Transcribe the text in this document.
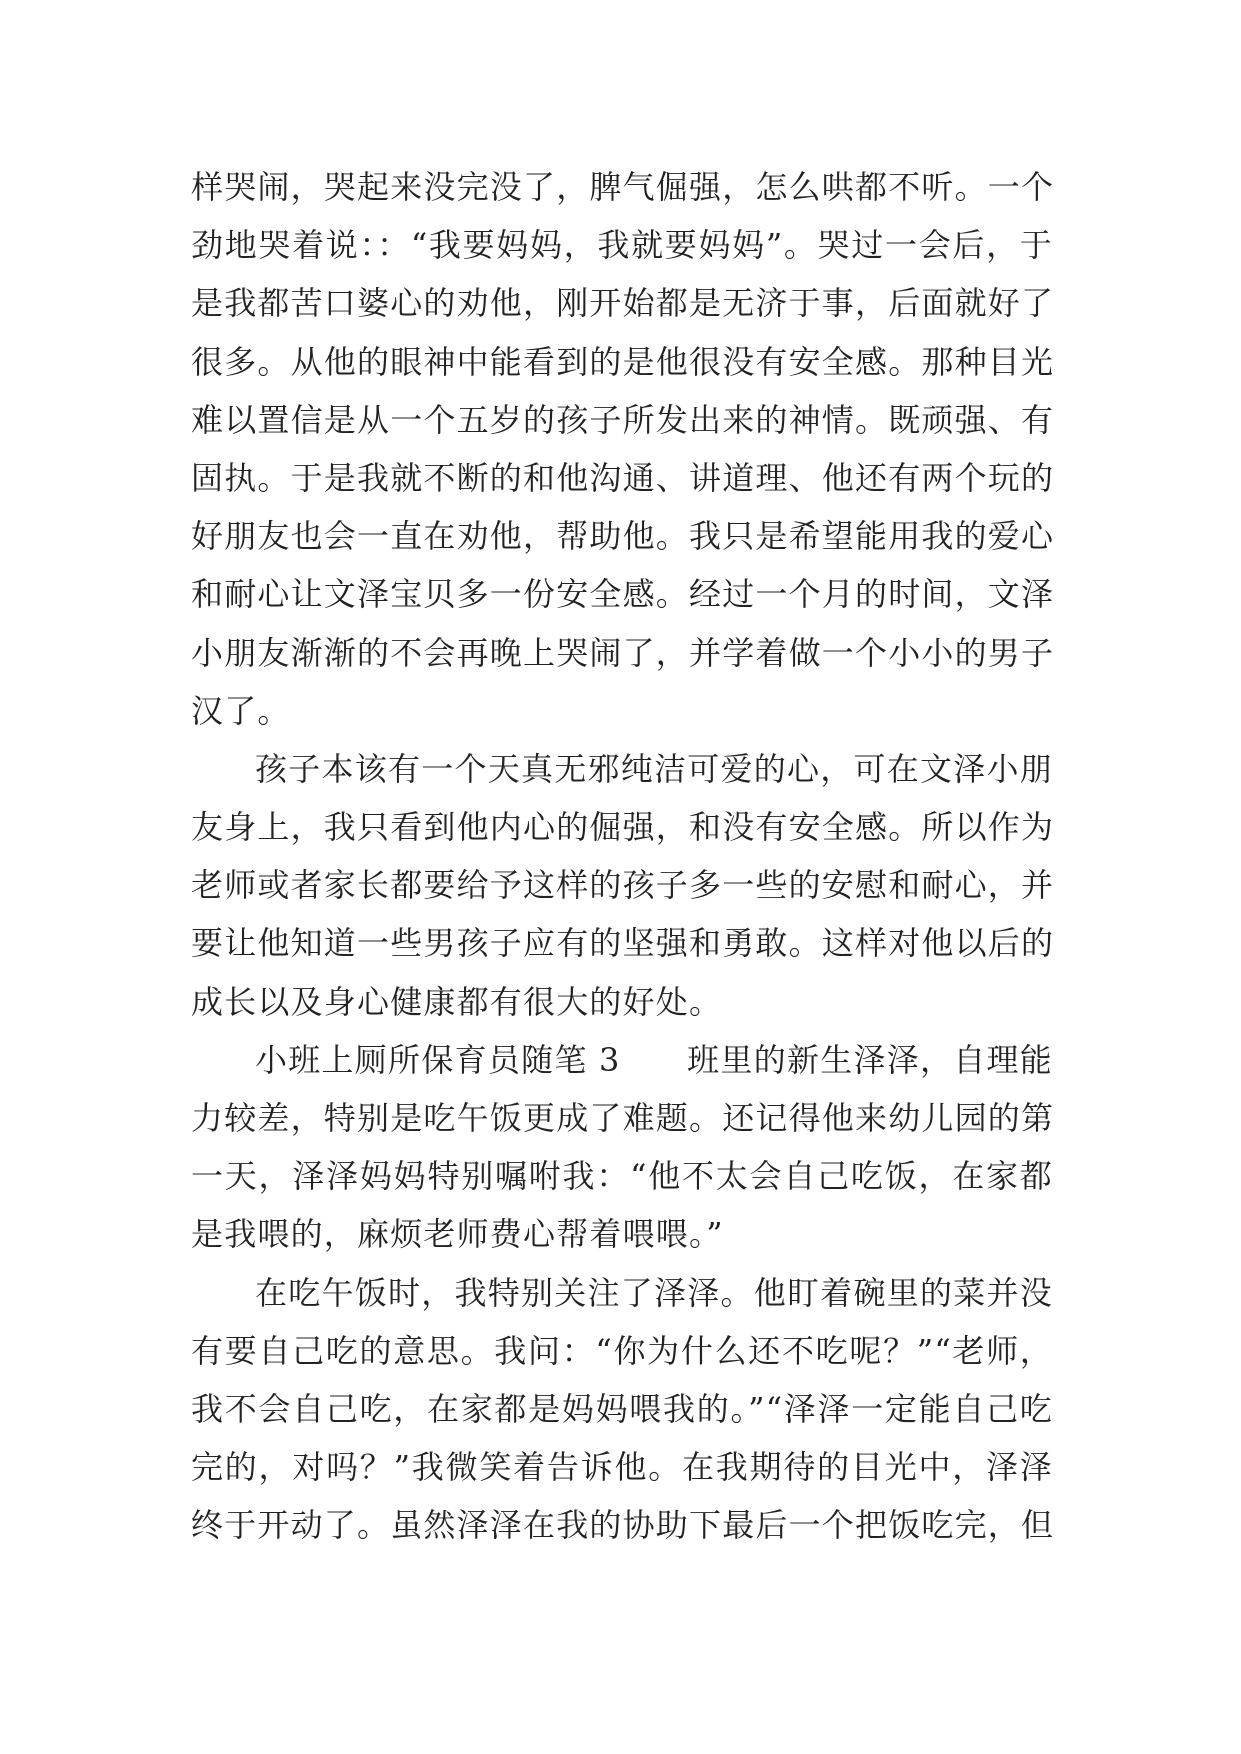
样哭闹，哭起来没完没了，脾气倔强，怎么哄都不听。一个
劲地哭着说：：“我要妈妈，我就要妈妈”。哭过一会后，于
是我都苦口婆心的劝他，刚开始都是无济于事，后面就好了
很多。从他的眼神中能看到的是他很没有安全感。那种目光
难以置信是从一个五岁的孩子所发出来的神情。既顽强、有
固执。于是我就不断的和他沟通、讲道理、他还有两个玩的
好朋友也会一直在劝他，帮助他。我只是希望能用我的爱心
和耐心让文泽宝贝多一份安全感。经过一个月的时间，文泽
小朋友渐渐的不会再晚上哭闹了，并学着做一个小小的男子
汉了。
孩子本该有一个天真无邪纯洁可爱的心，可在文泽小朋
友身上，我只看到他内心的倔强，和没有安全感。所以作为
老师或者家长都要给予这样的孩子多一些的安慰和耐心，并
要让他知道一些男孩子应有的坚强和勇敢。这样对他以后的
成长以及身心健康都有很大的好处。
小班上厕所保育员随笔 3　　班里的新生泽泽，自理能
力较差，特别是吃午饭更成了难题。还记得他来幼儿园的第
一天，泽泽妈妈特别嘱咐我：“他不太会自己吃饭，在家都
是我喂的，麻烦老师费心帮着喂喂。”
在吃午饭时，我特别关注了泽泽。他盯着碗里的菜并没
有要自己吃的意思。我问：“你为什么还不吃呢？”“老师，
我不会自己吃，在家都是妈妈喂我的。”“泽泽一定能自己吃
完的，对吗？”我微笑着告诉他。在我期待的目光中，泽泽
终于开动了。虽然泽泽在我的协助下最后一个把饭吃完，但
